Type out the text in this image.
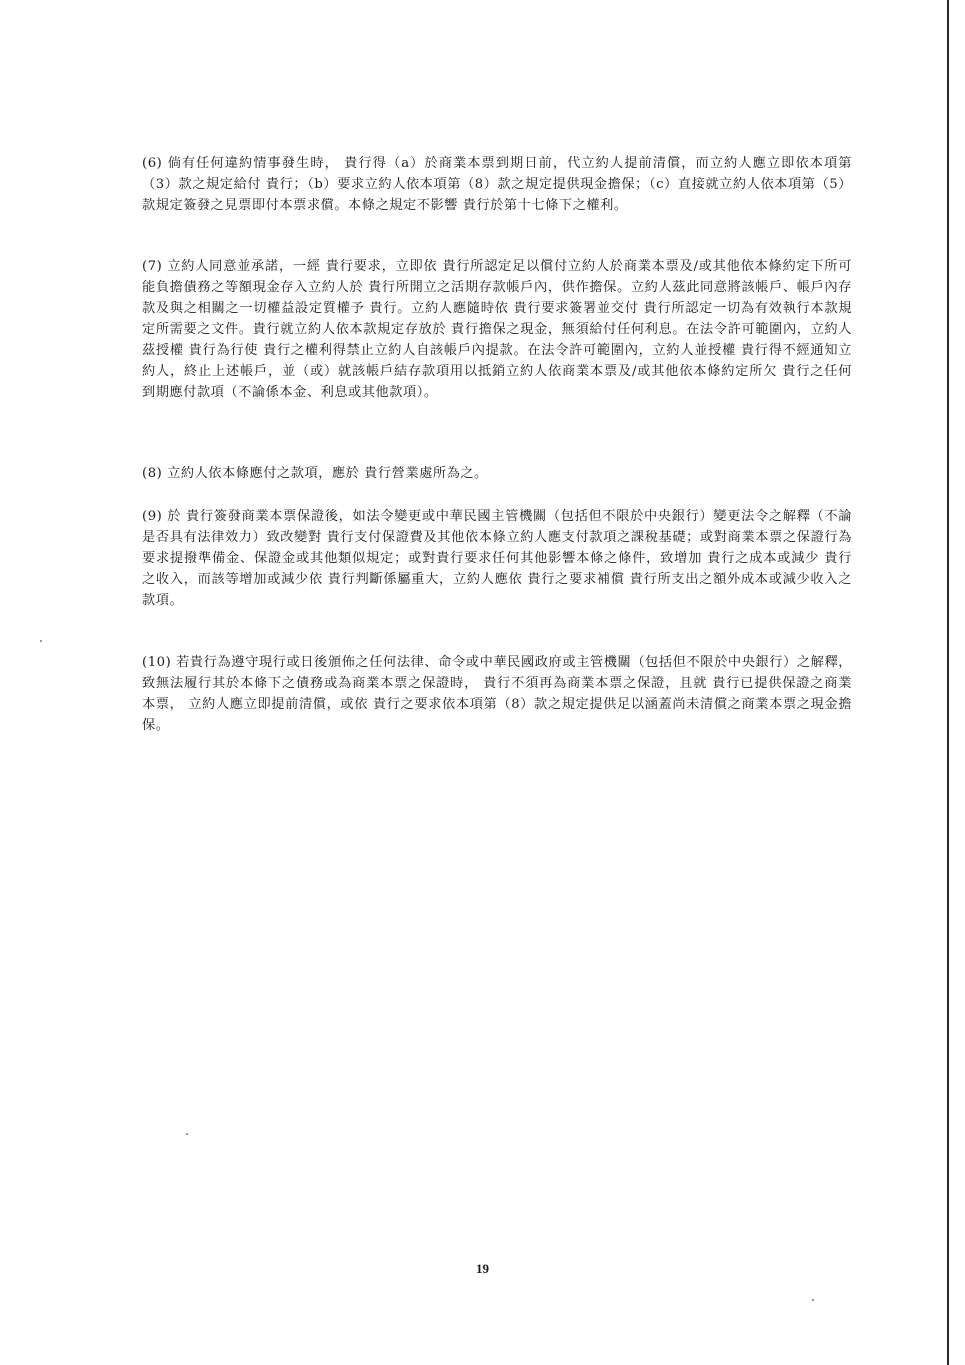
(6) 倘有任何違約情事發生時， 貴行得（a）於商業本票到期日前，代立約人提前清償，而立約人應立即依本項第（3）款之規定給付 貴行；（b）要求立約人依本項第（8）款之規定提供現金擔保；（c）直接就立約人依本項第（5）款規定簽發之見票即付本票求償。本條之規定不影響 貴行於第十七條下之權利。
(7) 立約人同意並承諾，一經 貴行要求，立即依 貴行所認定足以償付立約人於商業本票及/或其他依本條約定下所可能負擔債務之等額現金存入立約人於 貴行所開立之活期存款帳戶內，供作擔保。立約人茲此同意將該帳戶、帳戶內存款及與之相關之一切權益設定質權予 貴行。立約人應隨時依 貴行要求簽署並交付 貴行所認定一切為有效執行本款規定所需要之文件。貴行就立約人依本款規定存放於 貴行擔保之現金，無須給付任何利息。在法令許可範圍內，立約人茲授權 貴行為行使 貴行之權利得禁止立約人自該帳戶內提款。在法令許可範圍內，立約人並授權 貴行得不經通知立約人，終止上述帳戶，並（或）就該帳戶結存款項用以抵銷立約人依商業本票及/或其他依本條約定所欠 貴行之任何到期應付款項（不論係本金、利息或其他款項）。
(8) 立約人依本條應付之款項，應於 貴行營業處所為之。
(9) 於 貴行簽發商業本票保證後，如法令變更或中華民國主管機關（包括但不限於中央銀行）變更法令之解釋（不論是否具有法律效力）致改變對 貴行支付保證費及其他依本條立約人應支付款項之課稅基礎；或對商業本票之保證行為要求提撥準備金、保證金或其他類似規定；或對貴行要求任何其他影響本條之條件，致增加 貴行之成本或減少 貴行之收入，而該等增加或減少依 貴行判斷係屬重大，立約人應依 貴行之要求補償 貴行所支出之額外成本或減少收入之款項。
(10) 若貴行為遵守現行或日後頒佈之任何法律、命令或中華民國政府或主管機關（包括但不限於中央銀行）之解釋，致無法履行其於本條下之債務或為商業本票之保證時， 貴行不須再為商業本票之保證，且就 貴行已提供保證之商業本票， 立約人應立即提前清償，或依 貴行之要求依本項第（8）款之規定提供足以涵蓋尚未清償之商業本票之現金擔保。
19
